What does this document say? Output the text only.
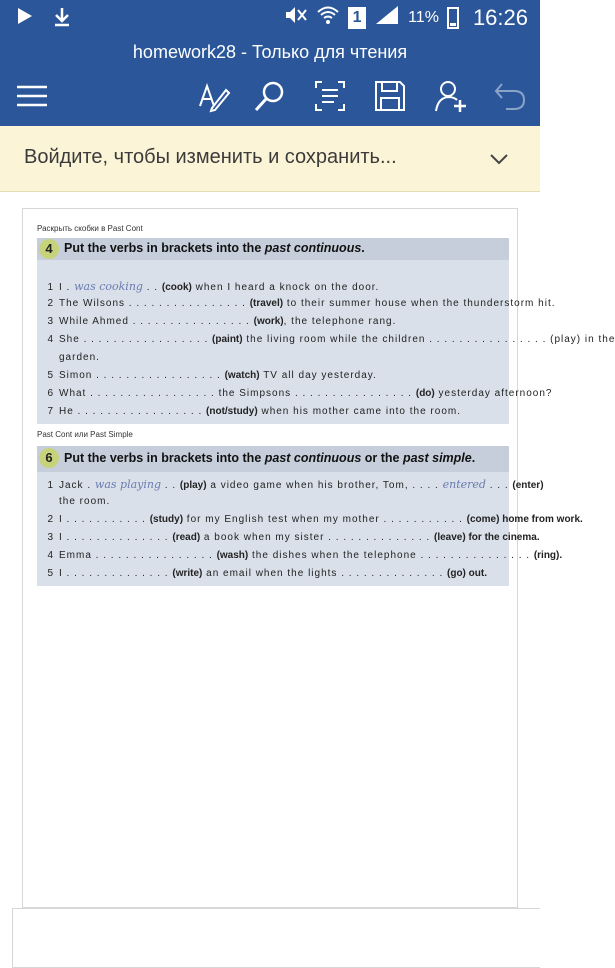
1	11% 16:26
homework28 - Только для чтения
Войдите, чтобы изменить и сохранить...
Раскрыть скобки в Past Cont
4 Put the verbs in brackets into the past continuous.
1 I . was cooking . . (cook) when I heard a knock on the door.
2 The Wilsons . . . . . . . . . . . . . . . . (travel) to their summer house when the thunderstorm hit.
3 While Ahmed . . . . . . . . . . . . . . . . (work), the telephone rang.
4 She . . . . . . . . . . . . . . . . . (paint) the living room while the children . . . . . . . . . . . . . . . . (play) in the
garden.
5 Simon . . . . . . . . . . . . . . . . . (watch) TV all day yesterday.
6 What . . . . . . . . . . . . . . . . . the Simpsons . . . . . . . . . . . . . . . . (do) yesterday afternoon?
7 He . . . . . . . . . . . . . . . . . (not/study) when his mother came into the room.
Past Cont или Past Simple
6 Put the verbs in brackets into the past continuous or the past simple.
1 Jack . was playing . . (play) a video game when his brother, Tom, . . . . entered . . . (enter)
the room.
2 I . . . . . . . . . . . (study) for my English test when my mother . . . . . . . . . . . (come) home from work.
3 I . . . . . . . . . . . . . . (read) a book when my sister . . . . . . . . . . . . . . (leave) for the cinema.
4 Emma . . . . . . . . . . . . . . . . (wash) the dishes when the telephone . . . . . . . . . . . . . . . (ring).
5 I . . . . . . . . . . . . . . (write) an email when the lights . . . . . . . . . . . . . . (go) out.
